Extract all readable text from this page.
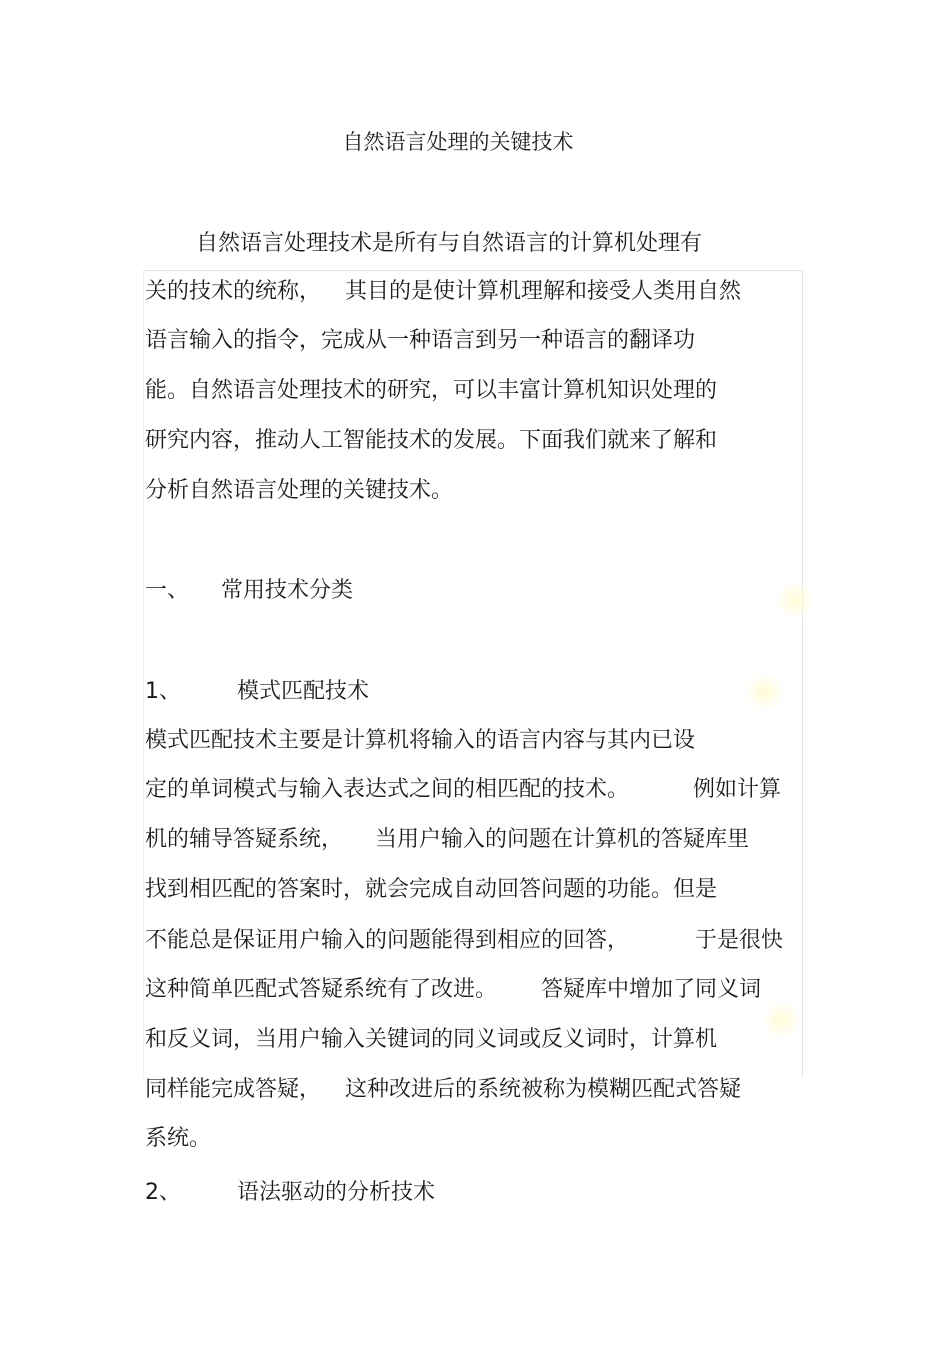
自然语言处理的关键技术
自然语言处理技术是所有与自然语言的计算机处理有
关的技术的统称， 其目的是使计算机理解和接受人类用自然
语言输入的指令，完成从一种语言到另一种语言的翻译功
能。自然语言处理技术的研究，可以丰富计算机知识处理的
研究内容，推动人工智能技术的发展。下面我们就来了解和
分析自然语言处理的关键技术。
一、 常用技术分类
1、	模式匹配技术
模式匹配技术主要是计算机将输入的语言内容与其内已设
定的单词模式与输入表达式之间的相匹配的技术。	例如计算
机的辅导答疑系统， 当用户输入的问题在计算机的答疑库里
找到相匹配的答案时，就会完成自动回答问题的功能。但是
不能总是保证用户输入的问题能得到相应的回答，	于是很快
这种简单匹配式答疑系统有了改进。 答疑库中增加了同义词
和反义词，当用户输入关键词的同义词或反义词时，计算机
同样能完成答疑， 这种改进后的系统被称为模糊匹配式答疑
系统。
2、	语法驱动的分析技术
